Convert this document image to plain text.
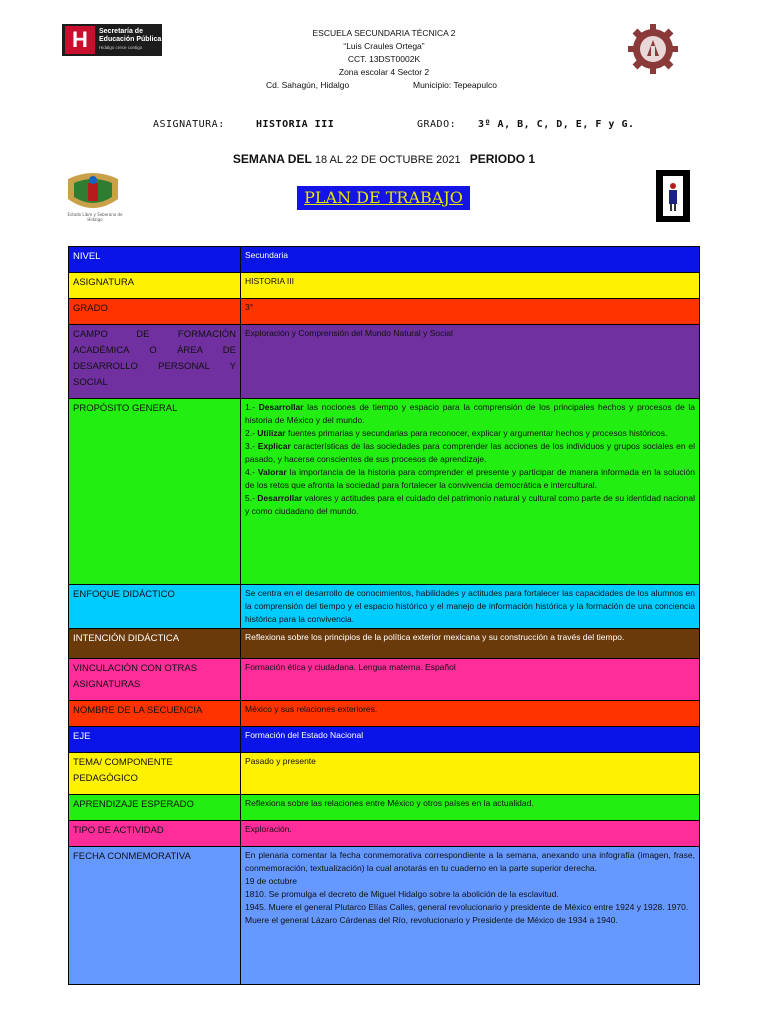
H	Secretaría de
Educación Pública
Hidalgo crece contigo
ESCUELA SECUNDARIA TÉCNICA 2
“Luis Craules Ortega”
CCT. 13DST0002K
Zona escolar 4 Sector 2
Cd. Sahagún, Hidalgo	Municipio: Tepeapulco
ASIGNATURA:	HISTORIA III	GRADO: 3º A, B, C, D, E, F y G.
SEMANA DEL 18 AL 22 DE OCTUBRE 2021 PERIODO 1
Estado Libre y Soberano de Hidalgo
PLAN DE TRABAJO
NIVEL	Secundaria
ASIGNATURA	HISTORIA III
GRADO	3°
CAMPO DE FORMACIÓN ACADÉMICA O ÁREA DE DESARROLLO PERSONAL Y SOCIAL	Exploración y Comprensión del Mundo Natural y Social
PROPÓSITO GENERAL	1.- Desarrollar las nociones de tiempo y espacio para la comprensión de los principales hechos y procesos de la historia de México y del mundo.
2.- Utilizar fuentes primarias y secundarias para reconocer, explicar y argumentar hechos y procesos históricos.
3.- Explicar características de las sociedades para comprender las acciones de los individuos y grupos sociales en el pasado, y hacerse conscientes de sus procesos de aprendizaje.
4.- Valorar la importancia de la historia para comprender el presente y participar de manera informada en la solución de los retos que afronta la sociedad para fortalecer la convivencia democrática e intercultural.
5.- Desarrollar valores y actitudes para el cuidado del patrimonio natural y cultural como parte de su identidad nacional y como ciudadano del mundo.

ENFOQUE DIDÁCTICO	Se centra en el desarrollo de conocimientos, habilidades y actitudes para fortalecer las capacidades de los alumnos en la comprensión del tiempo y el espacio histórico y el manejo de información histórica y la formación de una conciencia histórica para la convivencia.
INTENCIÓN DIDÁCTICA	Reflexiona sobre los principios de la política exterior mexicana y su construcción a través del tiempo.
VINCULACIÓN CON OTRAS ASIGNATURAS	Formación ética y ciudadana. Lengua materna. Español
NOMBRE DE LA SECUENCIA	México y sus relaciones exteriores.
EJE	Formación del Estado Nacional
TEMA/ COMPONENTE PEDAGÓGICO	Pasado y presente
APRENDIZAJE ESPERADO	Reflexiona sobre las relaciones entre México y otros países en la actualidad.
TIPO DE ACTIVIDAD	Exploración.
FECHA CONMEMORATIVA	En plenaria comentar la fecha conmemorativa correspondiente a la semana, anexando una infografía (imagen, frase, conmemoración, textualización) la cual anotarás en tu cuaderno en la parte superior derecha.
19 de octubre
1810. Se promulga el decreto de Miguel Hidalgo sobre la abolición de la esclavitud.
1945. Muere el general Plutarco Elías Calles, general revolucionario y presidente de México entre 1924 y 1928. 1970.
Muere el general Lázaro Cárdenas del Río, revolucionario y Presidente de México de 1934 a 1940.
